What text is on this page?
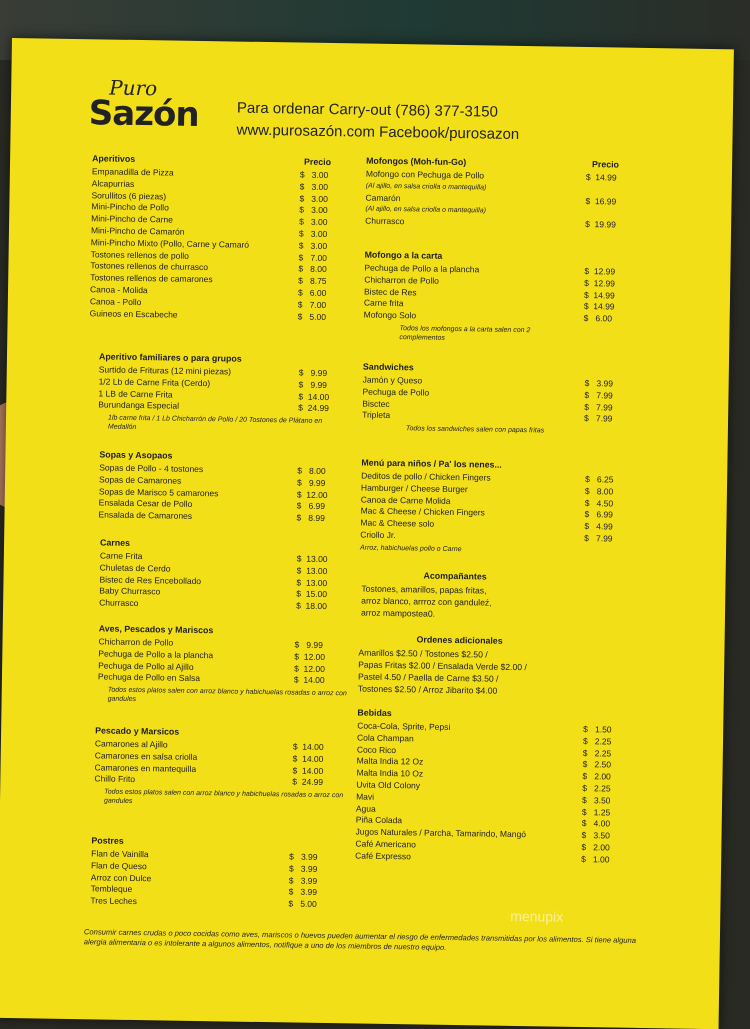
Puro
Sazón	Para ordenar Carry-out (786) 377-3150
www.purosazón.com Facebook/purosazon
Aperitivos	Precio
Empanadilla de Pizza	$   3.00
Alcapurrias	$   3.00
Sorullitos (6 piezas)	$   3.00
Mini-Pincho de Pollo	$   3.00
Mini-Pincho de Carne	$   3.00
Mini-Pincho de Camarón	$   3.00
Mini-Pincho Mixto (Pollo, Carne y Camaró	$   3.00
Tostones rellenos de pollo	$   7.00
Tostones rellenos de churrasco	$   8.00
Tostones rellenos de camarones	$   8.75
Canoa - Molida	$   6.00
Canoa - Pollo	$   7.00
Guineos en Escabeche	$   5.00
Aperitivo familiares o para grupos
Surtido de Frituras (12 mini piezas)	$   9.99
1/2 Lb de Carne Frita (Cerdo)	$   9.99
1 LB de Carne Frita	$  14.00
Burundanga Especial	$  24.99
1lb carne frita / 1 Lb Chicharrón de Pollo / 20 Tostones de Plátano en Medallón
Sopas y Asopaos
Sopas de Pollo - 4 tostones	$   8.00
Sopas de Camarones	$   9.99
Sopas de Marisco 5 camarones	$  12.00
Ensalada Cesar de Pollo	$   6.99
Ensalada de Camarones	$   8.99
Carnes
Carne Frita	$  13.00
Chuletas de Cerdo	$  13.00
Bistec de Res Encebollado	$  13.00
Baby Churrasco	$  15.00
Churrasco	$  18.00
Aves, Pescados y Mariscos
Chicharron de Pollo	$   9.99
Pechuga de Pollo a la plancha	$  12.00
Pechuga de Pollo al Ajillo	$  12.00
Pechuga de Pollo en Salsa	$  14.00
Todos estos platos salen con arroz blanco y habichuelas rosadas o arroz con gandules
Pescado y Marsicos
Camarones al Ajillo	$  14.00
Camarones en salsa criolla	$  14.00
Camarones en mantequilla	$  14.00
Chillo Frito	$  24.99
Todos estos platos salen con arroz blanco y habichuelas rosadas o arroz con gandules
Postres
Flan de Vainilla	$   3.99
Flan de Queso	$   3.99
Arroz con Dulce	$   3.99
Tembleque	$   3.99
Tres Leches	$   5.00
Mofongos (Moh-fun-Go)	Precio
Mofongo con Pechuga de Pollo	$  14.99
(Al ajillo, en salsa criolla o mantequilla)
Camarón	$  16.99
(Al ajillo, en salsa criolla o mantequilla)
Churrasco	$  19.99
Mofongo a la carta
Pechuga de Pollo a la plancha	$  12.99
Chicharron de Pollo	$  12.99
Bistec de Res	$  14.99
Carne frita	$  14.99
Mofongo Solo	$   6.00
Todos los mofongos a la carta salen con 2 complementos
Sandwiches
Jamón y Queso	$   3.99
Pechuga de Pollo	$   7.99
Bisctec	$   7.99
Tripleta	$   7.99
Todos los sandwiches salen con papas fritas
Menú para niños / Pa' los nenes...
Deditos de pollo / Chicken Fingers	$   6.25
Hamburger / Cheese Burger	$   8.00
Canoa de Carne Molida	$   4.50
Mac & Cheese / Chicken Fingers	$   6.99
Mac & Cheese solo	$   4.99
Criollo Jr.	$   7.99
Arroz, habichuelas pollo o Carne
Acompañantes
Tostones, amarillos, papas fritas,
arroz blanco, arrroz con ganduleź,
arroz mampostea0.
Ordenes adicionales
Amarillos $2.50 / Tostones $2.50 /
Papas Fritas $2.00 / Ensalada Verde $2.00 /
Pastel 4.50 / Paella de Carne $3.50 /
Tostones $2.50 / Arroz Jibarito $4.00
Bebidas
Coca-Cola, Sprite, Pepsi	$   1.50
Cola Champan	$   2.25
Coco Rico	$   2.25
Malta India 12 Oz	$   2.50
Malta India 10 Oz	$   2.00
Uvita Old Colony	$   2.25
Mavi	$   3.50
Agua	$   1.25
Piña Colada	$   4.00
Jugos Naturales / Parcha, Tamarindo, Mangó	$   3.50
Café Americano	$   2.00
Café Expresso	$   1.00
Consumir carnes crudas o poco cocidas como aves, mariscos o huevos pueden aumentar el riesgo de enfermedades transmitidas por los alimentos. Si tiene alguna alergia alimentaria o es intolerante a algunos alimentos, notifique a uno de los miembros de nuestro equipo.
menupix
